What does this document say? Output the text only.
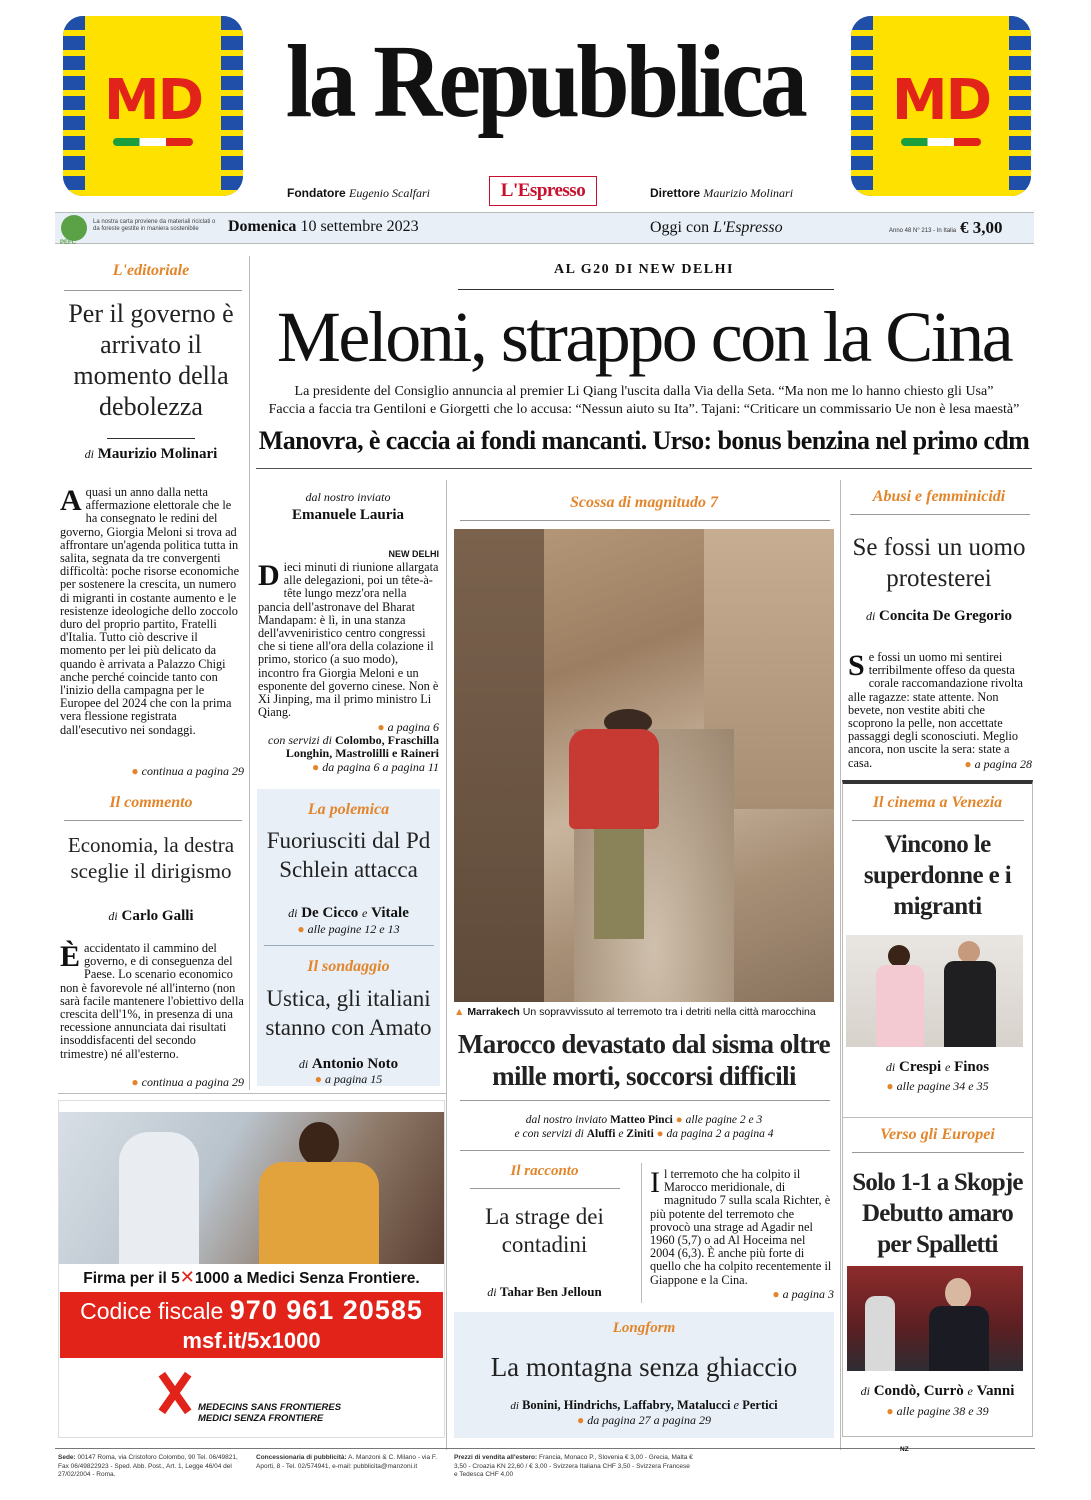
MD	MD
la Repubblica
Fondatore Eugenio Scalfari	L'Espresso	Direttore Maurizio Molinari
PEFC
La nostra carta proviene da materiali riciclati o da foreste gestite in maniera sostenibile	Domenica 10 settembre 2023	Oggi con L'Espresso	Anno 48 N° 213 - In Italia € 3,00
L'editoriale
Per il governo è arrivato il momento della debolezza
di Maurizio Molinari
Aquasi un anno dalla netta affermazione elettorale che le ha consegnato le redini del governo, Giorgia Meloni si trova ad affrontare un'agenda politica tutta in salita, segnata da tre convergenti difficoltà: poche risorse economiche per sostenere la crescita, un numero di migranti in costante aumento e le resistenze ideologiche dello zoccolo duro del proprio partito, Fratelli d'Italia. Tutto ciò descrive il momento per lei più delicato da quando è arrivata a Palazzo Chigi anche perché coincide tanto con l'inizio della campagna per le Europee del 2024 che con la prima vera flessione registrata dall'esecutivo nei sondaggi.
● continua a pagina 29
Il commento
Economia, la destra sceglie il dirigismo
di Carlo Galli
Èaccidentato il cammino del governo, e di conseguenza del Paese. Lo scenario economico non è favorevole né all'interno (non sarà facile mantenere l'obiettivo della crescita dell'1%, in presenza di una recessione annunciata dai risultati insoddisfacenti del secondo trimestre) né all'esterno.
● continua a pagina 29
AL G20 DI NEW DELHI
Meloni, strappo con la Cina
La presidente del Consiglio annuncia al premier Li Qiang l'uscita dalla Via della Seta. “Ma non me lo hanno chiesto gli Usa”
Faccia a faccia tra Gentiloni e Giorgetti che lo accusa: “Nessun aiuto su Ita”. Tajani: “Criticare un commissario Ue non è lesa maestà”
Manovra, è caccia ai fondi mancanti. Urso: bonus benzina nel primo cdm
dal nostro inviato
Emanuele Lauria
NEW DELHI
Dieci minuti di riunione allargata alle delegazioni, poi un tête-à-tête lungo mezz'ora nella pancia dell'astronave del Bharat Mandapam: è lì, in una stanza dell'avveniristico centro congressi che si tiene all'ora della colazione il primo, storico (a suo modo), incontro fra Giorgia Meloni e un esponente del governo cinese. Non è Xi Jinping, ma il primo ministro Li Qiang.
● a pagina 6
con servizi di Colombo, Fraschilla Longhin, Mastrolilli e Raineri
● da pagina 6 a pagina 11
La polemica
Fuoriusciti dal Pd Schlein attacca
di De Cicco e Vitale
● alle pagine 12 e 13
Il sondaggio
Ustica, gli italiani stanno con Amato
di Antonio Noto
● a pagina 15
Scossa di magnitudo 7
▲ Marrakech Un sopravvissuto al terremoto tra i detriti nella città marocchina
Marocco devastato dal sisma oltre mille morti, soccorsi difficili
dal nostro inviato Matteo Pinci ● alle pagine 2 e 3
e con servizi di Aluffi e Ziniti ● da pagina 2 a pagina 4
Il racconto
La strage dei contadini
di Tahar Ben Jelloun
Il terremoto che ha colpito il Marocco meridionale, di magnitudo 7 sulla scala Richter, è più potente del terremoto che provocò una strage ad Agadir nel 1960 (5,7) o ad Al Hoceima nel 2004 (6,3). È anche più forte di quello che ha colpito recentemente il Giappone e la Cina.
● a pagina 3
Longform
La montagna senza ghiaccio
di Bonini, Hindrichs, Laffabry, Matalucci e Pertici
● da pagina 27 a pagina 29
Abusi e femminicidi
Se fossi un uomo protesterei
di Concita De Gregorio
Se fossi un uomo mi sentirei terribilmente offeso da questa corale raccomandazione rivolta alle ragazze: state attente. Non bevete, non vestite abiti che scoprono la pelle, non accettate passaggi degli sconosciuti. Meglio ancora, non uscite la sera: state a casa.	● a pagina 28
Il cinema a Venezia
Vincono le superdonne e i migranti
di Crespi e Finos
● alle pagine 34 e 35
Verso gli Europei
Solo 1-1 a Skopje Debutto amaro per Spalletti
di Condò, Currò e Vanni
● alle pagine 38 e 39
Firma per il 5✕1000 a Medici Senza Frontiere.
Codice fiscale 970 961 20585
msf.it/5x1000
MEDECINS SANS FRONTIERES
MEDICI SENZA FRONTIERE
Sede: 00147 Roma, via Cristoforo Colombo, 90 Tel. 06/49821, Fax 06/49822923 - Sped. Abb. Post., Art. 1, Legge 46/04 del 27/02/2004 - Roma.
Concessionaria di pubblicità: A. Manzoni & C. Milano - via F. Aporti, 8 - Tel. 02/574941, e-mail: pubblicita@manzoni.it
Prezzi di vendita all'estero: Francia, Monaco P., Slovenia € 3,00 - Grecia, Malta € 3,50 - Croazia KN 22,60 / € 3,00 - Svizzera Italiana CHF 3,50 - Svizzera Francese e Tedesca CHF 4,00
NZ
